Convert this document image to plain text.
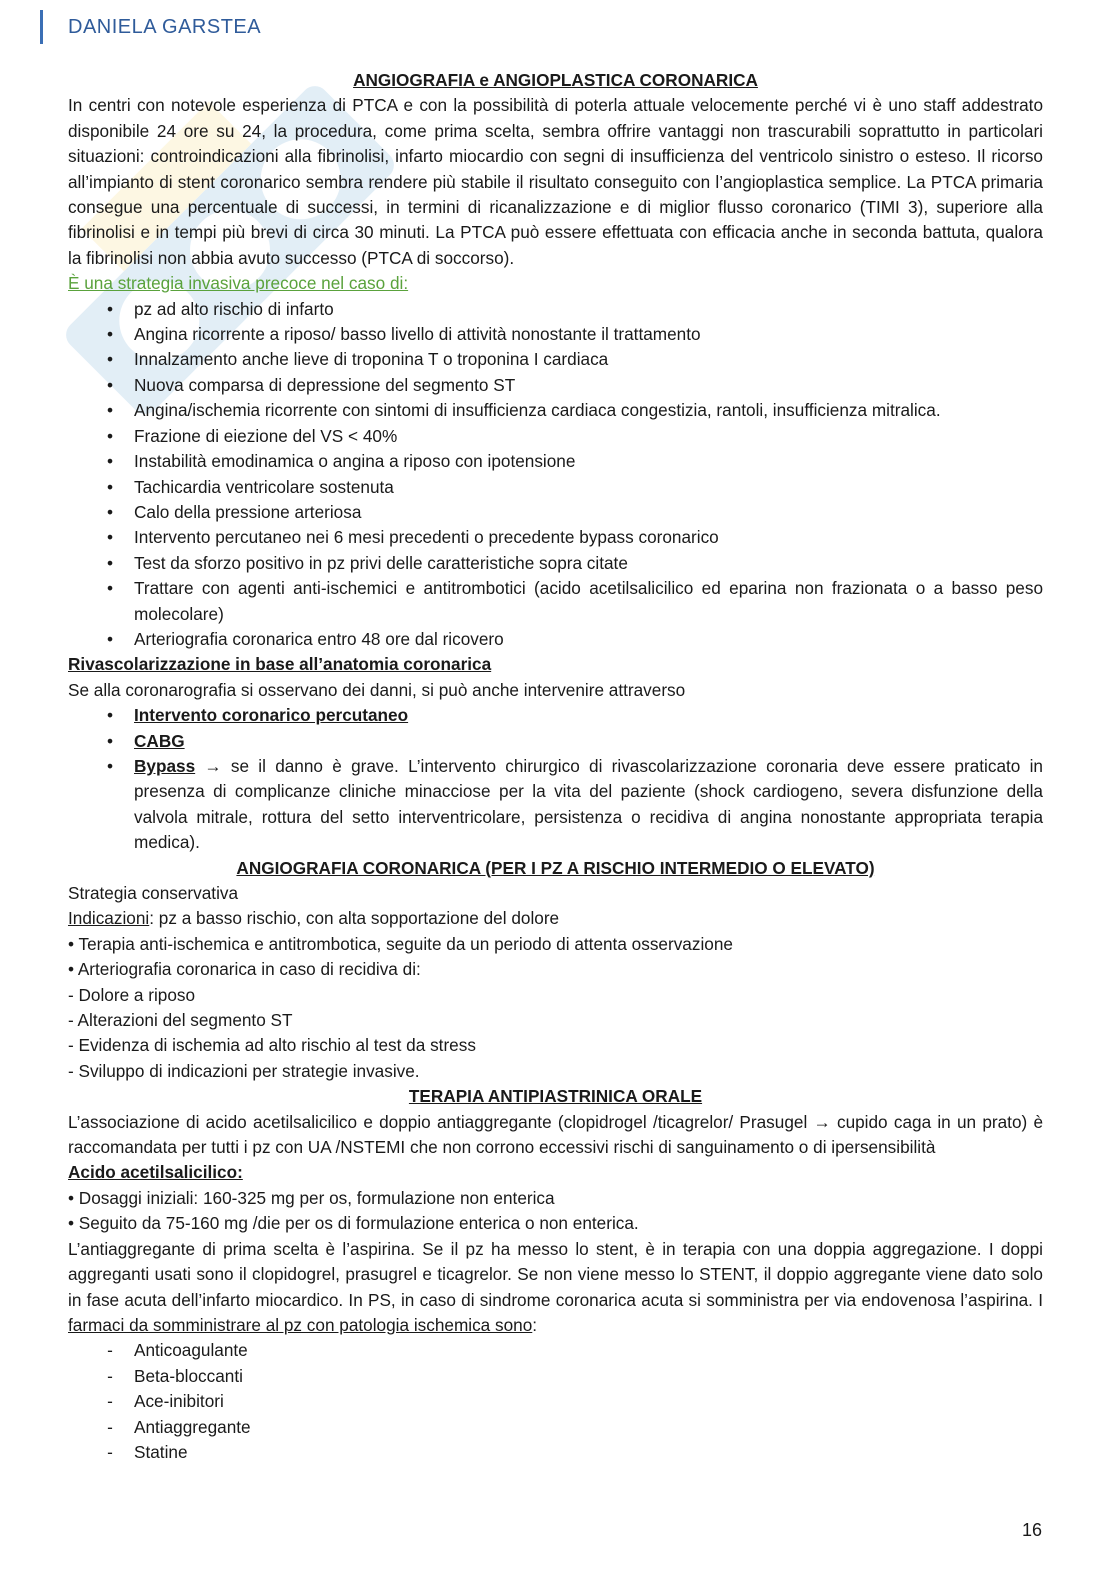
DANIELA GARSTEA

ANGIOGRAFIA e ANGIOPLASTICA CORONARICA

In centri con notevole esperienza di PTCA e con la possibilità di poterla attuale velocemente perché vi è uno staff addestrato disponibile 24 ore su 24, la procedura, come prima scelta, sembra offrire vantaggi non trascurabili soprattutto in particolari situazioni: controindicazioni alla fibrinolisi, infarto miocardio con segni di insufficienza del ventricolo sinistro o esteso. Il ricorso all’impianto di stent coronarico sembra rendere più stabile il risultato conseguito con l’angioplastica semplice. La PTCA primaria consegue una percentuale di successi, in termini di ricanalizzazione e di miglior flusso coronarico (TIMI 3), superiore alla fibrinolisi e in tempi più brevi di circa 30 minuti. La PTCA può essere effettuata con efficacia anche in seconda battuta, qualora la fibrinolisi non abbia avuto successo (PTCA di soccorso).

È una strategia invasiva precoce nel caso di:

•	pz ad alto rischio di infarto
•	Angina ricorrente a riposo/ basso livello di attività nonostante il trattamento
•	Innalzamento anche lieve di troponina T o troponina I cardiaca
•	Nuova comparsa di depressione del segmento ST
•	Angina/ischemia ricorrente con sintomi di insufficienza cardiaca congestizia, rantoli, insufficienza mitralica.
•	Frazione di eiezione del VS < 40%
•	Instabilità emodinamica o angina a riposo con ipotensione
•	Tachicardia ventricolare sostenuta
•	Calo della pressione arteriosa
•	Intervento percutaneo nei 6 mesi precedenti o precedente bypass coronarico
•	Test da sforzo positivo in pz privi delle caratteristiche sopra citate
•	Trattare con agenti anti-ischemici e antitrombotici (acido acetilsalicilico ed eparina non frazionata o a basso peso molecolare)
•	Arteriografia coronarica entro 48 ore dal ricovero

Rivascolarizzazione in base all’anatomia coronarica

Se alla coronarografia si osservano dei danni, si può anche intervenire attraverso

•	Intervento coronarico percutaneo
•	CABG
•	Bypass → se il danno è grave. L’intervento chirurgico di rivascolarizzazione coronaria deve essere praticato in presenza di complicanze cliniche minacciose per la vita del paziente (shock cardiogeno, severa disfunzione della valvola mitrale, rottura del setto interventricolare, persistenza o recidiva di angina nonostante appropriata terapia medica).

ANGIOGRAFIA CORONARICA (PER I PZ A RISCHIO INTERMEDIO O ELEVATO)

Strategia conservativa

Indicazioni: pz a basso rischio, con alta sopportazione del dolore

• Terapia anti-ischemica e antitrombotica, seguite da un periodo di attenta osservazione

• Arteriografia coronarica in caso di recidiva di:

- Dolore a riposo

- Alterazioni del segmento ST

- Evidenza di ischemia ad alto rischio al test da stress

- Sviluppo di indicazioni per strategie invasive.

TERAPIA ANTIPIASTRINICA ORALE

L’associazione di acido acetilsalicilico e doppio antiaggregante (clopidrogel /ticagrelor/ Prasugel → cupido caga in un prato) è raccomandata per tutti i pz con UA /NSTEMI che non corrono eccessivi rischi di sanguinamento o di ipersensibilità

Acido acetilsalicilico:

• Dosaggi iniziali: 160-325 mg per os, formulazione non enterica

• Seguito da 75-160 mg /die per os di formulazione enterica o non enterica.

L’antiaggregante di prima scelta è l’aspirina. Se il pz ha messo lo stent, è in terapia con una doppia aggregazione. I doppi aggreganti usati sono il clopidogrel, prasugrel e ticagrelor. Se non viene messo lo STENT, il doppio aggregante viene dato solo in fase acuta dell’infarto miocardico. In PS, in caso di sindrome coronarica acuta si somministra per via endovenosa l’aspirina. I farmaci da somministrare al pz con patologia ischemica sono:

-	Anticoagulante
-	Beta-bloccanti
-	Ace-inibitori
-	Antiaggregante
-	Statine
16
